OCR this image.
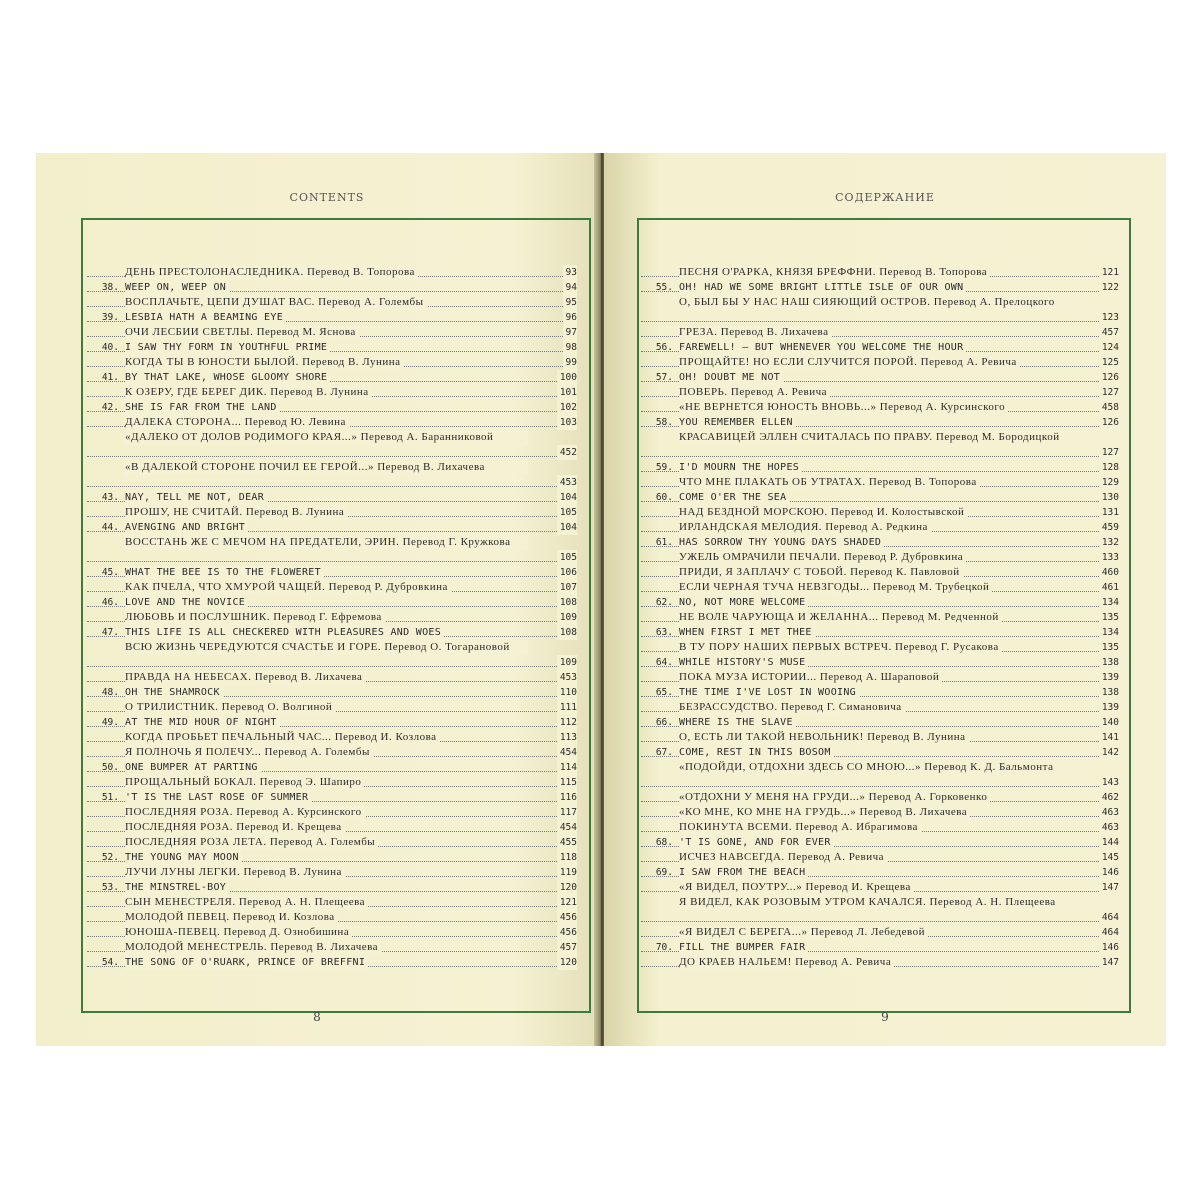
CONTENTS
ДЕНЬ ПРЕСТОЛОНАСЛЕДНИКА. Перевод В. Топорова	93
38. WEEP ON, WEEP ON	94
ВОСПЛАЧЬТЕ, ЦЕПИ ДУШАТ ВАС. Перевод А. Голембы	95
39. LESBIA HATH A BEAMING EYE	96
ОЧИ ЛЕСБИИ СВЕТЛЫ. Перевод М. Яснова	97
40. I SAW THY FORM IN YOUTHFUL PRIME	98
КОГДА ТЫ В ЮНОСТИ БЫЛОЙ. Перевод В. Лунина	99
41. BY THAT LAKE, WHOSE GLOOMY SHORE	100
К ОЗЕРУ, ГДЕ БЕРЕГ ДИК. Перевод В. Лунина	101
42. SHE IS FAR FROM THE LAND	102
ДАЛЕКА СТОРОНА... Перевод Ю. Левина	103
«ДАЛЕКО ОТ ДОЛОВ РОДИМОГО КРАЯ...» Перевод А. Баранниковой
452
«В ДАЛЕКОЙ СТОРОНЕ ПОЧИЛ ЕЕ ГЕРОЙ...» Перевод В. Лихачева
453
43. NAY, TELL ME NOT, DEAR	104
ПРОШУ, НЕ СЧИТАЙ. Перевод В. Лунина	105
44. AVENGING AND BRIGHT	104
ВОССТАНЬ ЖЕ С МЕЧОМ НА ПРЕДАТЕЛИ, ЭРИН. Перевод Г. Кружкова
105
45. WHAT THE BEE IS TO THE FLOWERET	106
КАК ПЧЕЛА, ЧТО ХМУРОЙ ЧАЩЕЙ. Перевод Р. Дубровкина	107
46. LOVE AND THE NOVICE	108
ЛЮБОВЬ И ПОСЛУШНИК. Перевод Г. Ефремова	109
47. THIS LIFE IS ALL CHECKERED WITH PLEASURES AND WOES	108
ВСЮ ЖИЗНЬ ЧЕРЕДУЮТСЯ СЧАСТЬЕ И ГОРЕ. Перевод О. Тогарановой
109
ПРАВДА НА НЕБЕСАХ. Перевод В. Лихачева	453
48. OH THE SHAMROCK	110
О ТРИЛИСТНИК. Перевод О. Волгиной	111
49. AT THE MID HOUR OF NIGHT	112
КОГДА ПРОБЬЕТ ПЕЧАЛЬНЫЙ ЧАС... Перевод И. Козлова	113
Я ПОЛНОЧЬ Я ПОЛЕЧУ... Перевод А. Голембы	454
50. ONE BUMPER AT PARTING	114
ПРОЩАЛЬНЫЙ БОКАЛ. Перевод Э. Шапиро	115
51. 'T IS THE LAST ROSE OF SUMMER	116
ПОСЛЕДНЯЯ РОЗА. Перевод А. Курсинского	117
ПОСЛЕДНЯЯ РОЗА. Перевод И. Крещева	454
ПОСЛЕДНЯЯ РОЗА ЛЕТА. Перевод А. Голембы	455
52. THE YOUNG MAY MOON	118
ЛУЧИ ЛУНЫ ЛЕГКИ. Перевод В. Лунина	119
53. THE MINSTREL-BOY	120
СЫН МЕНЕСТРЕЛЯ. Перевод А. Н. Плещеева	121
МОЛОДОЙ ПЕВЕЦ. Перевод И. Козлова	456
ЮНОША-ПЕВЕЦ. Перевод Д. Ознобишина	456
МОЛОДОЙ МЕНЕСТРЕЛЬ. Перевод В. Лихачева	457
54. THE SONG OF O'RUARK, PRINCE OF BREFFNI	120
8
СОДЕРЖАНИЕ
ПЕСНЯ О'РАРКА, КНЯЗЯ БРЕФФНИ. Перевод В. Топорова	121
55. OH! HAD WE SOME BRIGHT LITTLE ISLE OF OUR OWN	122
О, БЫЛ БЫ У НАС НАШ СИЯЮЩИЙ ОСТРОВ. Перевод А. Прелоцкого
123
ГРЕЗА. Перевод В. Лихачева	457
56. FAREWELL! — BUT WHENEVER YOU WELCOME THE HOUR	124
ПРОЩАЙТЕ! НО ЕСЛИ СЛУЧИТСЯ ПОРОЙ. Перевод А. Ревича	125
57. OH! DOUBT ME NOT	126
ПОВЕРЬ. Перевод А. Ревича	127
«НЕ ВЕРНЕТСЯ ЮНОСТЬ ВНОВЬ...» Перевод А. Курсинского	458
58. YOU REMEMBER ELLEN	126
КРАСАВИЦЕЙ ЭЛЛЕН СЧИТАЛАСЬ ПО ПРАВУ. Перевод М. Бородицкой
127
59. I'D MOURN THE HOPES	128
ЧТО МНЕ ПЛАКАТЬ ОБ УТРАТАХ. Перевод В. Топорова	129
60. COME O'ER THE SEA	130
НАД БЕЗДНОЙ МОРСКОЮ. Перевод И. Колостывской	131
ИРЛАНДСКАЯ МЕЛОДИЯ. Перевод А. Редкина	459
61. HAS SORROW THY YOUNG DAYS SHADED	132
УЖЕЛЬ ОМРАЧИЛИ ПЕЧАЛИ. Перевод Р. Дубровкина	133
ПРИДИ, Я ЗАПЛАЧУ С ТОБОЙ. Перевод К. Павловой	460
ЕСЛИ ЧЕРНАЯ ТУЧА НЕВЗГОДЫ... Перевод М. Трубецкой	461
62. NO, NOT MORE WELCOME	134
НЕ ВОЛЕ ЧАРУЮЩА И ЖЕЛАННА... Перевод М. Редченной	135
63. WHEN FIRST I MET THEE	134
В ТУ ПОРУ НАШИХ ПЕРВЫХ ВСТРЕЧ. Перевод Г. Русакова	135
64. WHILE HISTORY'S MUSE	138
ПОКА МУЗА ИСТОРИИ... Перевод А. Шараповой	139
65. THE TIME I'VE LOST IN WOOING	138
БЕЗРАССУДСТВО. Перевод Г. Симановича	139
66. WHERE IS THE SLAVE	140
О, ЕСТЬ ЛИ ТАКОЙ НЕВОЛЬНИК! Перевод В. Лунина	141
67. COME, REST IN THIS BOSOM	142
«ПОДОЙДИ, ОТДОХНИ ЗДЕСЬ СО МНОЮ...» Перевод К. Д. Бальмонта
143
«ОТДОХНИ У МЕНЯ НА ГРУДИ...» Перевод А. Горковенко	462
«КО МНЕ, КО МНЕ НА ГРУДЬ...» Перевод В. Лихачева	463
ПОКИНУТА ВСЕМИ. Перевод А. Ибрагимова	463
68. 'T IS GONE, AND FOR EVER	144
ИСЧЕЗ НАВСЕГДА. Перевод А. Ревича	145
69. I SAW FROM THE BEACH	146
«Я ВИДЕЛ, ПОУТРУ...» Перевод И. Крещева	147
Я ВИДЕЛ, КАК РОЗОВЫМ УТРОМ КАЧАЛСЯ. Перевод А. Н. Плещеева
464
«Я ВИДЕЛ С БЕРЕГА...» Перевод Л. Лебедевой	464
70. FILL THE BUMPER FAIR	146
ДО КРАЕВ НАЛЬЕМ! Перевод А. Ревича	147
9
